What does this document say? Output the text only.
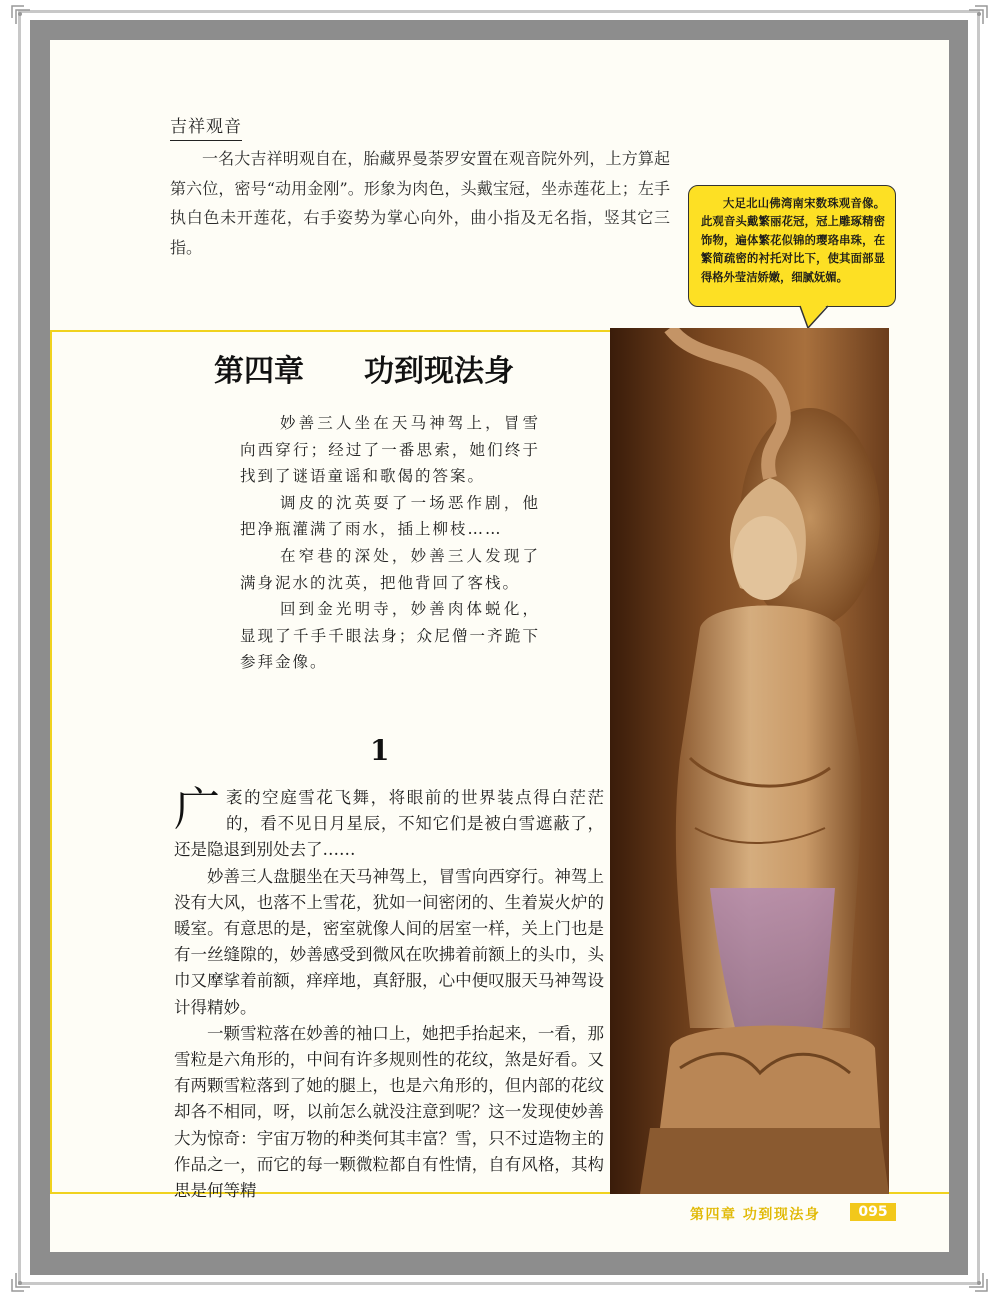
吉祥观音
一名大吉祥明观自在，胎藏界曼荼罗安置在观音院外列，上方算起第六位，密号“动用金刚”。形象为肉色，头戴宝冠，坐赤莲花上；左手执白色未开莲花，右手姿势为掌心向外，曲小指及无名指，竖其它三指。
大足北山佛湾南宋数珠观音像。此观音头戴繁丽花冠，冠上雕琢精密饰物，遍体繁花似锦的璎珞串珠，在繁简疏密的衬托对比下，使其面部显得格外莹洁娇嫩，细腻妩媚。
第四章　　功到现法身

妙善三人坐在天马神驾上，冒雪向西穿行；经过了一番思索，她们终于找到了谜语童谣和歌偈的答案。

调皮的沈英耍了一场恶作剧，他把净瓶灌满了雨水，插上柳枝……

在窄巷的深处，妙善三人发现了满身泥水的沈英，把他背回了客栈。

回到金光明寺，妙善肉体蜕化，显现了千手千眼法身；众尼僧一齐跪下参拜金像。

1

广袤的空庭雪花飞舞，将眼前的世界装点得白茫茫的，看不见日月星辰，不知它们是被白雪遮蔽了，还是隐退到别处去了……

妙善三人盘腿坐在天马神驾上，冒雪向西穿行。神驾上没有大风，也落不上雪花，犹如一间密闭的、生着炭火炉的暖室。有意思的是，密室就像人间的居室一样，关上门也是有一丝缝隙的，妙善感受到微风在吹拂着前额上的头巾，头巾又摩挲着前额，痒痒地，真舒服，心中便叹服天马神驾设计得精妙。

一颗雪粒落在妙善的袖口上，她把手抬起来，一看，那雪粒是六角形的，中间有许多规则性的花纹，煞是好看。又有两颗雪粒落到了她的腿上，也是六角形的，但内部的花纹却各不相同，呀，以前怎么就没注意到呢？这一发现使妙善大为惊奇：宇宙万物的种类何其丰富？雪，只不过造物主的作品之一，而它的每一颗微粒都自有性情，自有风格，其构思是何等精

第四章 功到现法身	095
